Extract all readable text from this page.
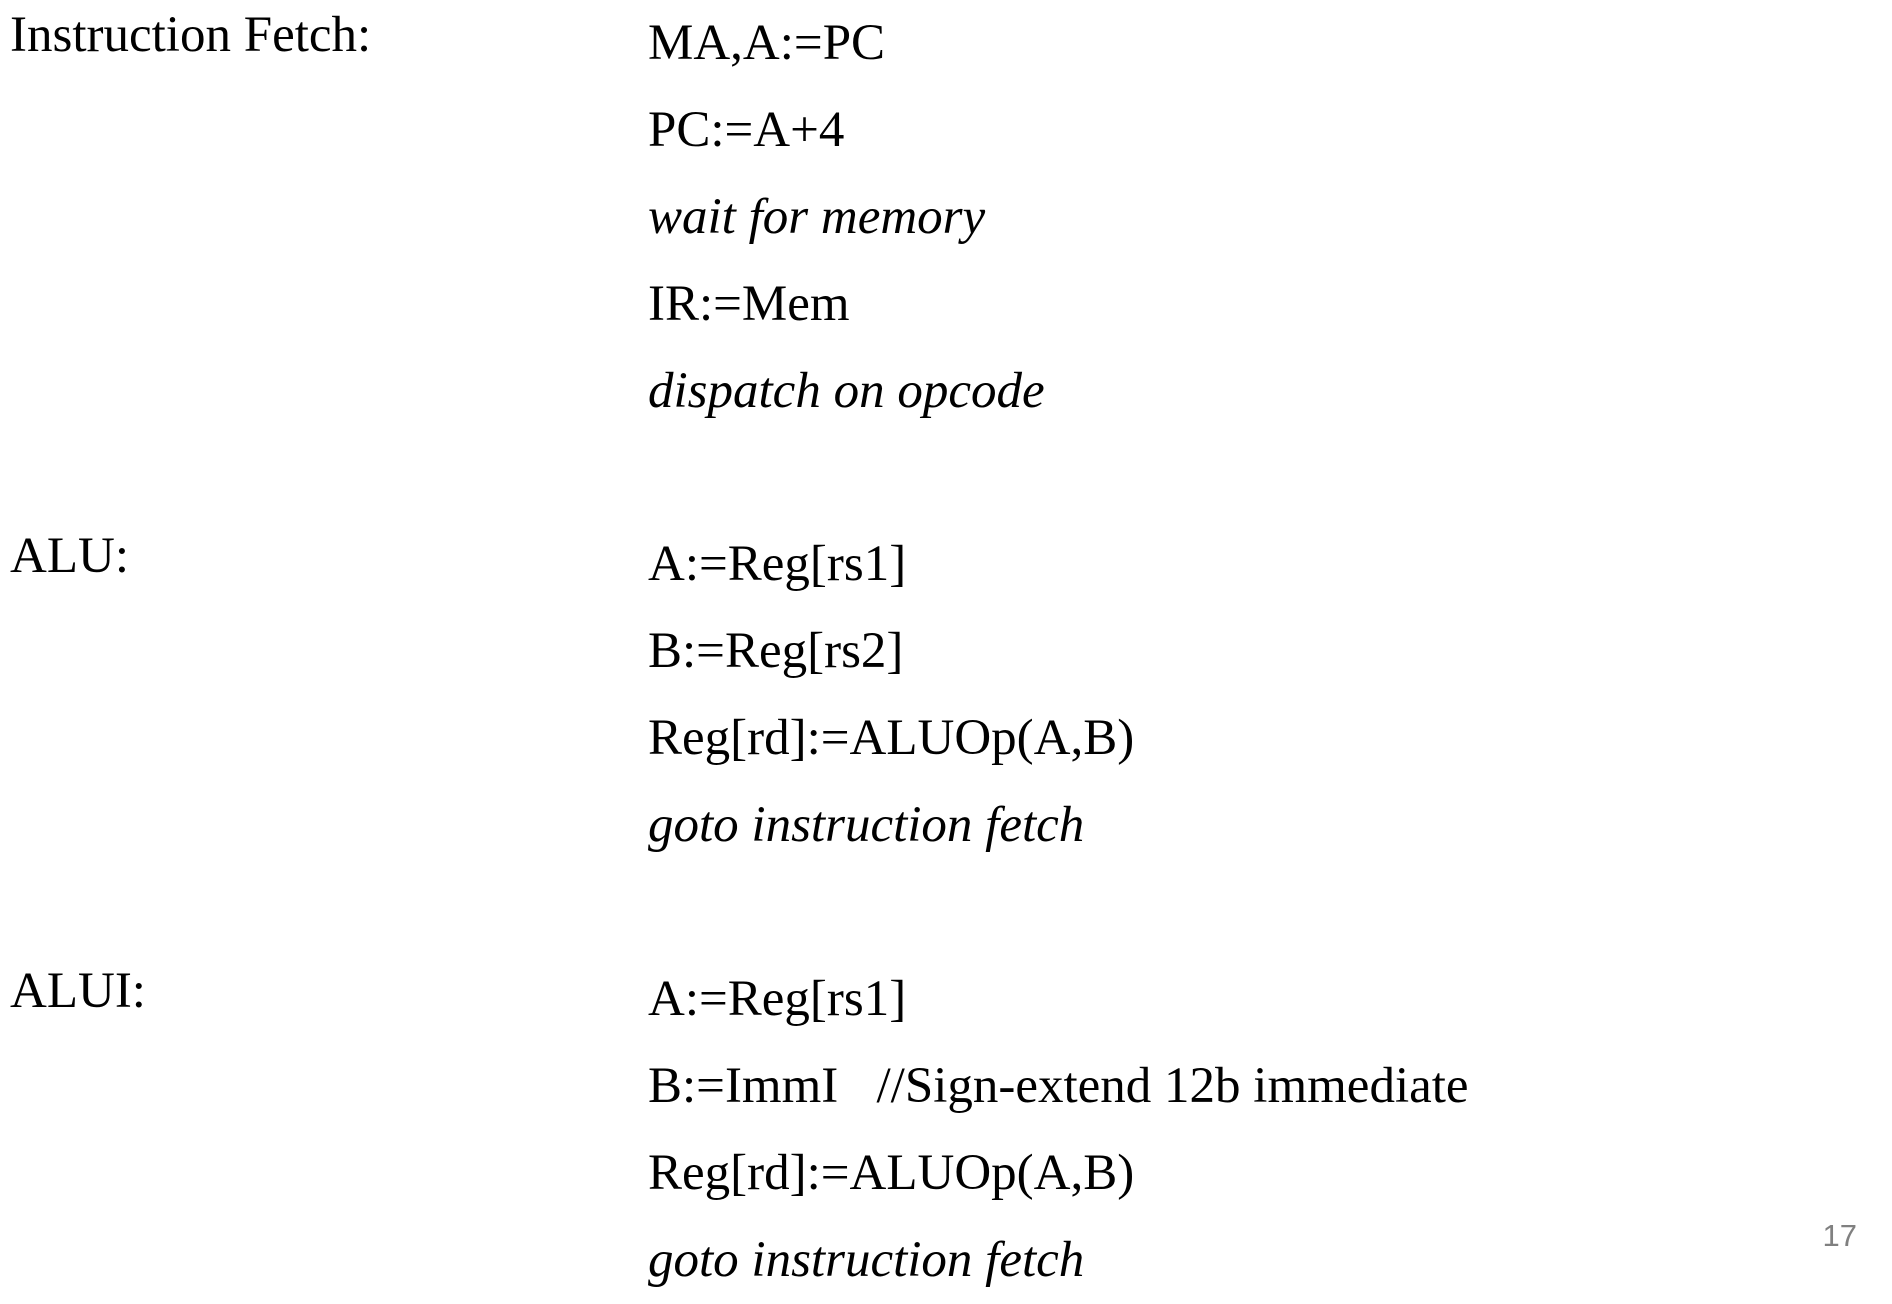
Instruction Fetch:	MA,A:=PC
PC:=A+4
wait for memory
IR:=Mem
dispatch on opcode
ALU:	A:=Reg[rs1]
B:=Reg[rs2]
Reg[rd]:=ALUOp(A,B)
goto instruction fetch
ALUI:	A:=Reg[rs1]
B:=ImmI   //Sign-extend 12b immediate
Reg[rd]:=ALUOp(A,B)
goto instruction fetch	17
